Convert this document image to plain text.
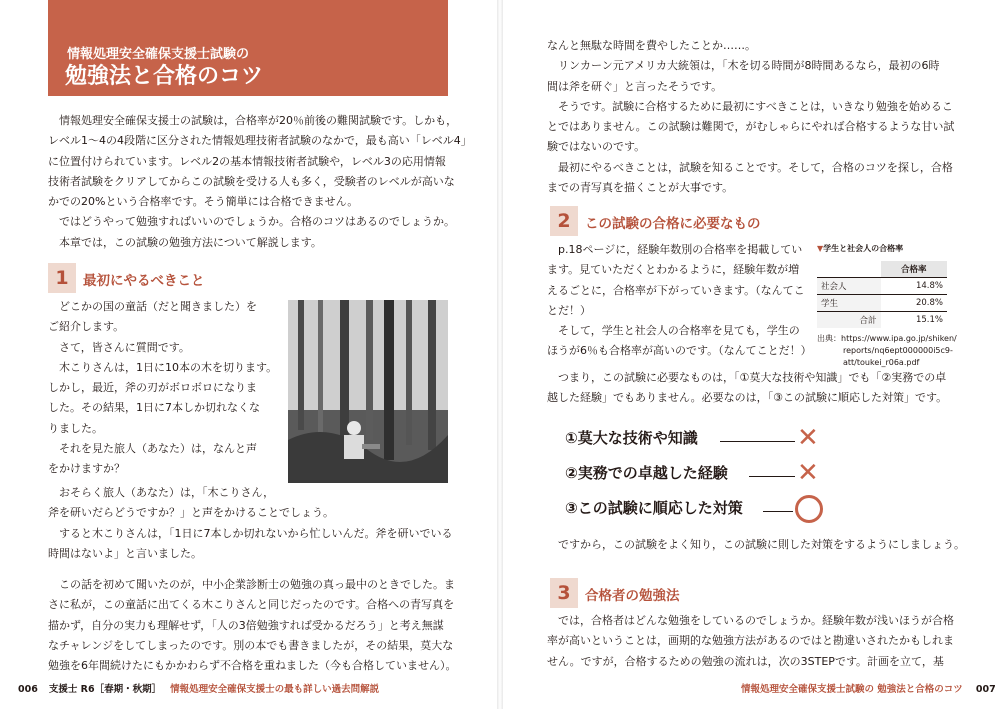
情報処理安全確保支援士試験の
勉強法と合格のコツ
情報処理安全確保支援士の試験は，合格率が20％前後の難関試験です。しかも，
レベル1〜4の4段階に区分された情報処理技術者試験のなかで，最も高い「レベル4」
に位置付けられています。レベル2の基本情報技術者試験や，レベル3の応用情報
技術者試験をクリアしてからこの試験を受ける人も多く，受験者のレベルが高いな
かでの20%という合格率です。そう簡単には合格できません。
ではどうやって勉強すればいいのでしょうか。合格のコツはあるのでしょうか。
本章では，この試験の勉強方法について解説します。
1	最初にやるべきこと
どこかの国の童話（だと聞きました）を
ご紹介します。
さて，皆さんに質問です。
木こりさんは，1日に10本の木を切ります。
しかし，最近，斧の刃がボロボロになりま
した。その結果，1日に7本しか切れなくな
りました。
それを見た旅人（あなた）は，なんと声
をかけますか？
おそらく旅人（あなた）は，「木こりさん，
斧を研いだらどうですか？」と声をかけることでしょう。
すると木こりさんは，「1日に7本しか切れないから忙しいんだ。斧を研いでいる
時間はないよ」と言いました。
この話を初めて聞いたのが，中小企業診断士の勉強の真っ最中のときでした。ま
さに私が，この童話に出てくる木こりさんと同じだったのです。合格への青写真を
描かず，自分の実力も理解せず，「人の3倍勉強すれば受かるだろう」と考え無謀
なチャレンジをしてしまったのです。別の本でも書きましたが，その結果，莫大な
勉強を6年間続けたにもかかわらず不合格を重ねました（今も合格していません）。
006 支援士 R6［春期・秋期］ 情報処理安全確保支援士の最も詳しい過去問解説
なんと無駄な時間を費やしたことか……。
リンカーン元アメリカ大統領は，「木を切る時間が8時間あるなら，最初の6時
間は斧を研ぐ」と言ったそうです。
そうです。試験に合格するために最初にすべきことは，いきなり勉強を始めるこ
とではありません。この試験は難関で，がむしゃらにやれば合格するような甘い試
験ではないのです。
最初にやるべきことは，試験を知ることです。そして，合格のコツを探し，合格
までの青写真を描くことが大事です。
2	この試験の合格に必要なもの
p.18ページに，経験年数別の合格率を掲載してい
ます。見ていただくとわかるように，経験年数が増
えるごとに，合格率が下がっていきます。（なんてこ
とだ！）
そして，学生と社会人の合格率を見ても，学生の
ほうが6％も合格率が高いのです。（なんてことだ！）
つまり，この試験に必要なものは，「①莫大な技術や知識」でも「②実務での卓
越した経験」でもありません。必要なのは，「③この試験に順応した対策」です。
ですから，この試験をよく知り，この試験に則した対策をするようにしましょう。
3	合格者の勉強法
では，合格者はどんな勉強をしているのでしょうか。経験年数が浅いほうが合格
率が高いということは，画期的な勉強方法があるのではと勘違いされたかもしれま
せん。ですが，合格するための勉強の流れは，次の3STEPです。計画を立て，基
情報処理安全確保支援士試験の 勉強法と合格のコツ 007
▼学生と社会人の合格率
	合格率
社会人	14.8%
学生	20.8%
合計	15.1%
出典：https://www.ipa.go.jp/shiken/
reports/nq6ept000000i5c9-
att/toukei_r06a.pdf
①莫大な技術や知識	✕
②実務での卓越した経験	✕
③この試験に順応した対策
